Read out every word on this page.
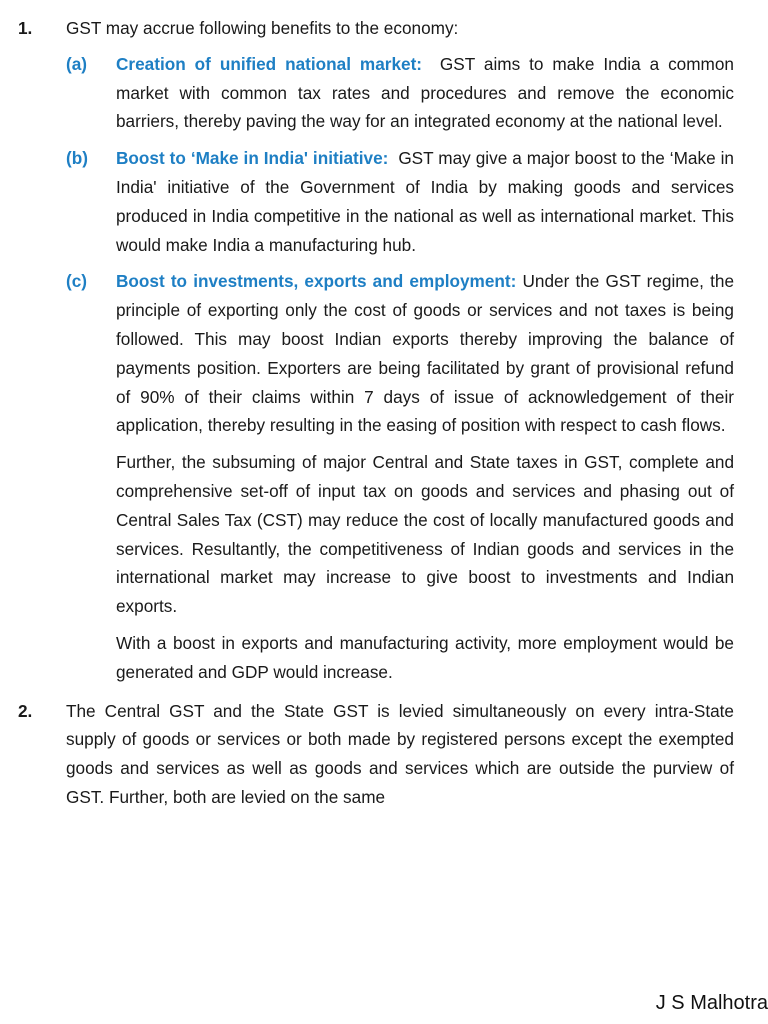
1. GST may accrue following benefits to the economy:

(a) Creation of unified national market: GST aims to make India a common market with common tax rates and procedures and remove the economic barriers, thereby paving the way for an integrated economy at the national level.
(b) Boost to ‘Make in India' initiative: GST may give a major boost to the ‘Make in India' initiative of the Government of India by making goods and services produced in India competitive in the national as well as international market. This would make India a manufacturing hub.
(c) Boost to investments, exports and employment: Under the GST regime, the principle of exporting only the cost of goods or services and not taxes is being followed. This may boost Indian exports thereby improving the balance of payments position. Exporters are being facilitated by grant of provisional refund of 90% of their claims within 7 days of issue of acknowledgement of their application, thereby resulting in the easing of position with respect to cash flows.

Further, the subsuming of major Central and State taxes in GST, complete and comprehensive set-off of input tax on goods and services and phasing out of Central Sales Tax (CST) may reduce the cost of locally manufactured goods and services. Resultantly, the competitiveness of Indian goods and services in the international market may increase to give boost to investments and Indian exports.

With a boost in exports and manufacturing activity, more employment would be generated and GDP would increase.

2. The Central GST and the State GST is levied simultaneously on every intra-State supply of goods or services or both made by registered persons except the exempted goods and services as well as goods and services which are outside the purview of GST. Further, both are levied on the same

J S Malhotra
